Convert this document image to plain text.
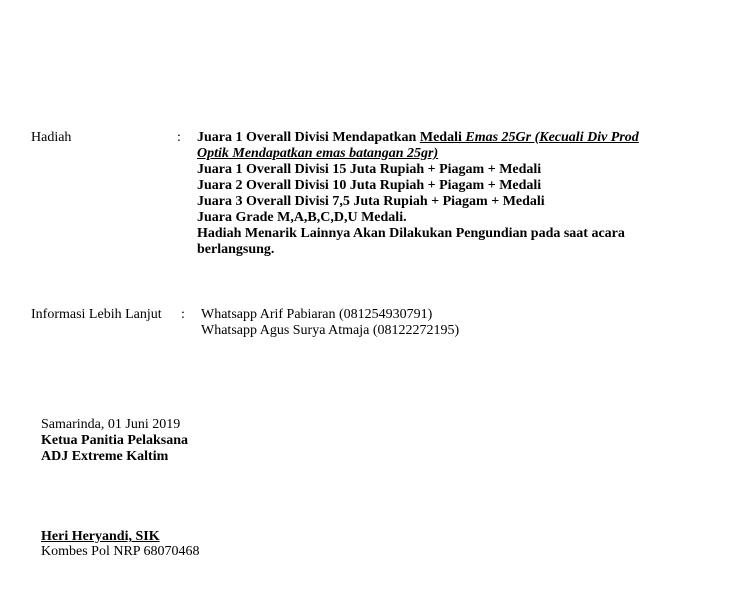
Hadiah	: Juara 1 Overall Divisi Mendapatkan Medali Emas 25Gr (Kecuali Div Prod
Optik Mendapatkan emas batangan 25gr)
Juara 1 Overall Divisi 15 Juta Rupiah + Piagam + Medali
Juara 2 Overall Divisi 10 Juta Rupiah + Piagam + Medali
Juara 3 Overall Divisi 7,5 Juta Rupiah + Piagam + Medali
Juara Grade M,A,B,C,D,U Medali.
Hadiah Menarik Lainnya Akan Dilakukan Pengundian pada saat acara
berlangsung.
Informasi Lebih Lanjut : Whatsapp Arif Pabiaran (081254930791)
Whatsapp Agus Surya Atmaja (08122272195)
Samarinda, 01 Juni 2019
Ketua Panitia Pelaksana
ADJ Extreme Kaltim
Heri Heryandi, SIK
Kombes Pol NRP 68070468
